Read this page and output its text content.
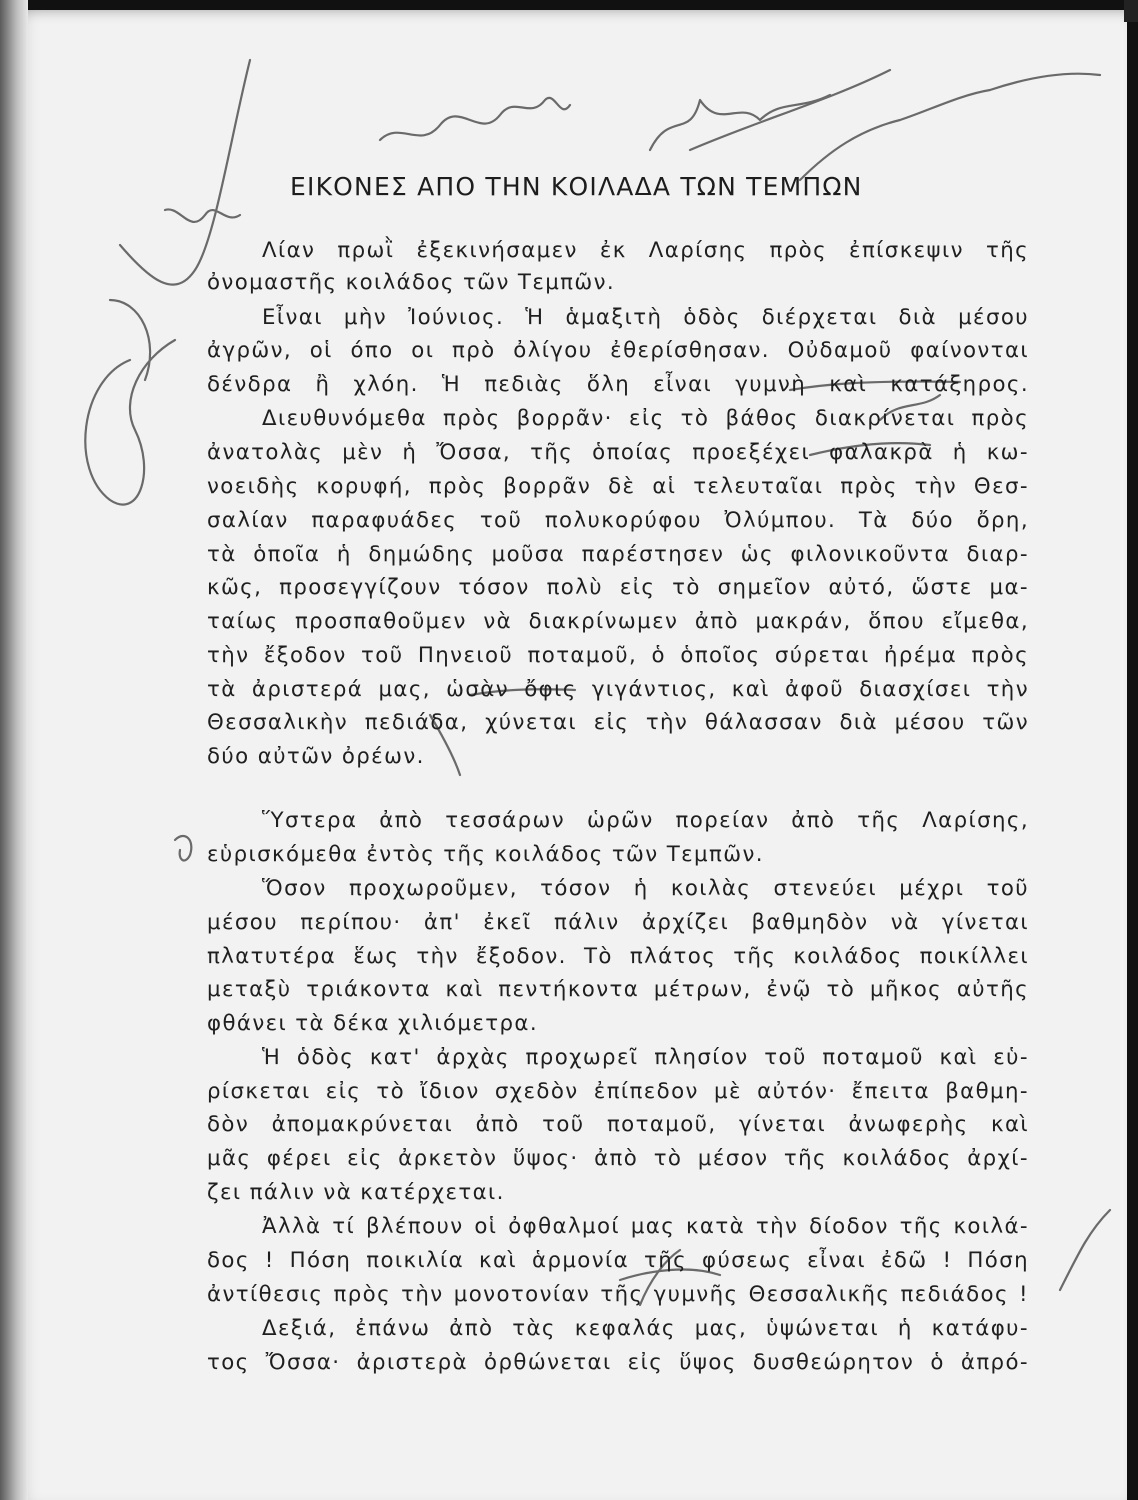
ΕΙΚΟΝΕΣ ΑΠΟ ΤΗΝ ΚΟΙΛΑΔΑ ΤΩΝ ΤΕΜΠΩΝ
Λίαν πρωῒ ἐξεκινήσαμεν ἐκ Λαρίσης πρὸς ἐπίσκεψιν τῆς
ὀνομαστῆς κοιλάδος τῶν Τεμπῶν.
Εἶναι μὴν Ἰούνιος. Ἡ ἁμαξιτὴ ὁδὸς διέρχεται διὰ μέσου
ἀγρῶν, οἱ όπο οι πρὸ ὀλίγου ἐθερίσθησαν. Οὐδαμοῦ φαίνονται
δένδρα ἢ χλόη. Ἡ πεδιὰς ὅλη εἶναι γυμνὴ καὶ κατάξηρος.
Διευθυνόμεθα πρὸς βορρᾶν· εἰς τὸ βάθος διακρίνεται πρὸς
ἀνατολὰς μὲν ἡ Ὄσσα, τῆς ὁποίας προεξέχει φαλακρὰ ἡ κω-
νοειδὴς κορυφή, πρὸς βορρᾶν δὲ αἱ τελευταῖαι πρὸς τὴν Θεσ-
σαλίαν παραφυάδες τοῦ πολυκορύφου Ὀλύμπου. Τὰ δύο ὄρη,
τὰ ὁποῖα ἡ δημώδης μοῦσα παρέστησεν ὡς φιλονικοῦντα διαρ-
κῶς, προσεγγίζουν τόσον πολὺ εἰς τὸ σημεῖον αὐτό, ὥστε μα-
ταίως προσπαθοῦμεν νὰ διακρίνωμεν ἀπὸ μακράν, ὅπου εἴμεθα,
τὴν ἔξοδον τοῦ Πηνειοῦ ποταμοῦ, ὁ ὁποῖος σύρεται ἠρέμα πρὸς
τὰ ἀριστερά μας, ὡσὰν ὄφις γιγάντιος, καὶ ἀφοῦ διασχίσει τὴν
Θεσσαλικὴν πεδιάδα, χύνεται εἰς τὴν θάλασσαν διὰ μέσου τῶν
δύο αὐτῶν ὀρέων.
Ὕστερα ἀπὸ τεσσάρων ὡρῶν πορείαν ἀπὸ τῆς Λαρίσης,
εὑρισκόμεθα ἐντὸς τῆς κοιλάδος τῶν Τεμπῶν.
Ὅσον προχωροῦμεν, τόσον ἡ κοιλὰς στενεύει μέχρι τοῦ
μέσου περίπου· ἀπ' ἐκεῖ πάλιν ἀρχίζει βαθμηδὸν νὰ γίνεται
πλατυτέρα ἕως τὴν ἔξοδον. Τὸ πλάτος τῆς κοιλάδος ποικίλλει
μεταξὺ τριάκοντα καὶ πεντήκοντα μέτρων, ἐνῷ τὸ μῆκος αὐτῆς
φθάνει τὰ δέκα χιλιόμετρα.
Ἡ ὁδὸς κατ' ἀρχὰς προχωρεῖ πλησίον τοῦ ποταμοῦ καὶ εὑ-
ρίσκεται εἰς τὸ ἴδιον σχεδὸν ἐπίπεδον μὲ αὐτόν· ἔπειτα βαθμη-
δὸν ἀπομακρύνεται ἀπὸ τοῦ ποταμοῦ, γίνεται ἀνωφερὴς καὶ
μᾶς φέρει εἰς ἀρκετὸν ὕψος· ἀπὸ τὸ μέσον τῆς κοιλάδος ἀρχί-
ζει πάλιν νὰ κατέρχεται.
Ἀλλὰ τί βλέπουν οἱ ὀφθαλμοί μας κατὰ τὴν δίοδον τῆς κοιλά-
δος ! Πόση ποικιλία καὶ ἁρμονία τῆς φύσεως εἶναι ἐδῶ ! Πόση
ἀντίθεσις πρὸς τὴν μονοτονίαν τῆς γυμνῆς Θεσσαλικῆς πεδιάδος !
Δεξιά, ἐπάνω ἀπὸ τὰς κεφαλάς μας, ὑψώνεται ἡ κατάφυ-
τος Ὄσσα· ἀριστερὰ ὀρθώνεται εἰς ὕψος δυσθεώρητον ὁ ἀπρό-
